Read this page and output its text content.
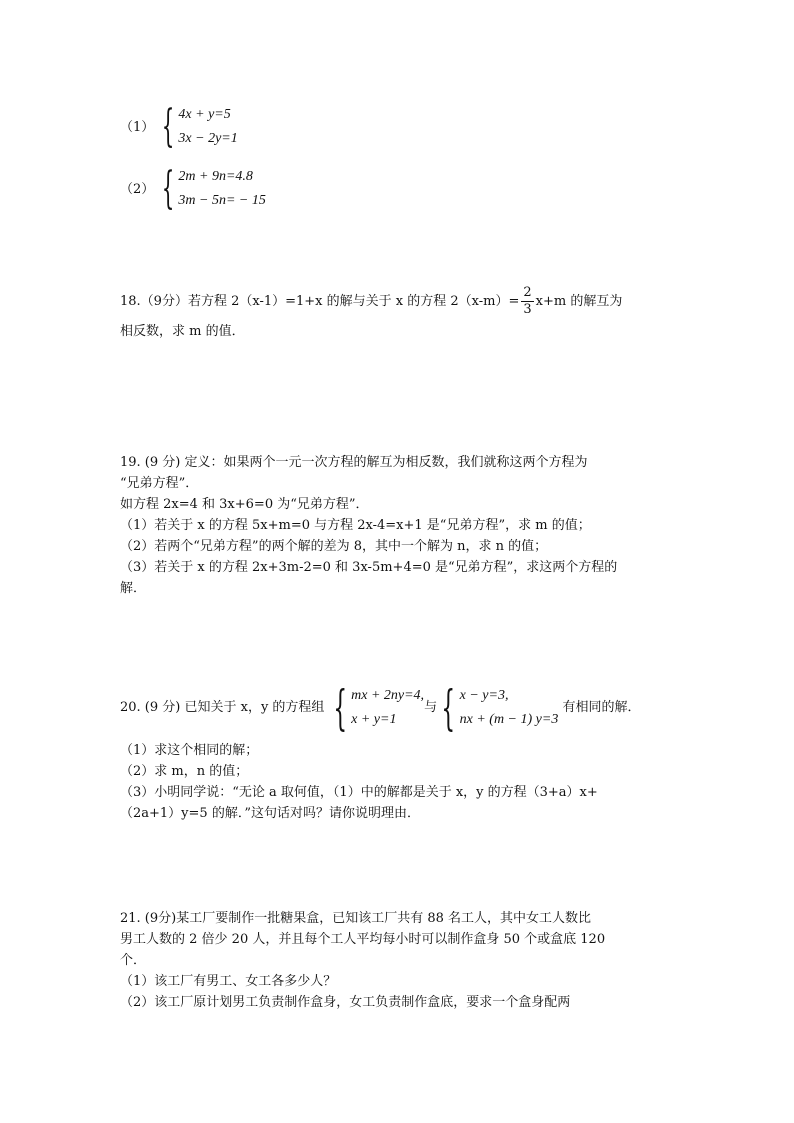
（1） { 4x + y=5
3x − 2y=1
（2） { 2m + 9n=4.8
3m − 5n= − 15
18.（9分）若方程 2（x-1）=1+x 的解与关于 x 的方程 $2(x-m)= \frac{2}{3} x+m$ 的解互为
相反数，求 m 的值．
19. (9 分) 定义：如果两个一元一次方程的解互为相反数，我们就称这两个方程为
“兄弟方程”．
如方程 2x=4 和 3x+6=0 为“兄弟方程”．
（1）若关于 x 的方程 5x+m=0 与方程 2x-4=x+1 是“兄弟方程”，求 m 的值；
（2）若两个“兄弟方程”的两个解的差为 8，其中一个解为 n，求 n 的值；
（3）若关于 x 的方程 2x+3m-2=0 和 3x-5m+4=0 是“兄弟方程”，求这两个方程的
解．
20. (9 分) 已知关于 x，y 的方程组 { mx + 2ny=4,
x + y=1
与 { x − y=3,
nx + (m − 1) y=3
有相同的解．
（1）求这个相同的解；
（2）求 m，n 的值；
（3）小明同学说：“无论 a 取何值，（1）中的解都是关于 x，y 的方程（3+a）x+
（2a+1）y=5 的解．”这句话对吗？请你说明理由．
21. (9分)某工厂要制作一批糖果盒，已知该工厂共有 88 名工人，其中女工人数比
男工人数的 2 倍少 20 人，并且每个工人平均每小时可以制作盒身 50 个或盒底 120
个．
（1）该工厂有男工、女工各多少人？
（2）该工厂原计划男工负责制作盒身，女工负责制作盒底，要求一个盒身配两
